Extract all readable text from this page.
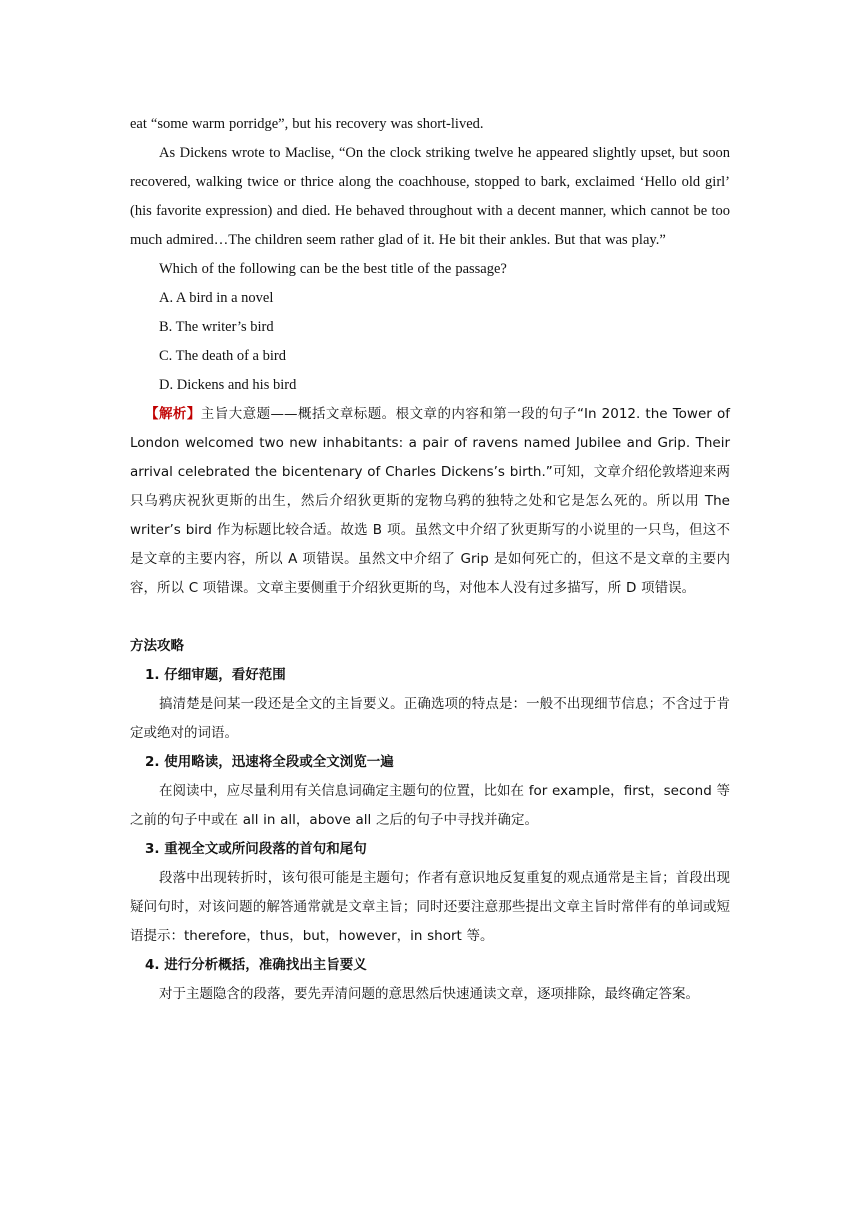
eat “some warm porridge”, but his recovery was short-lived.

As Dickens wrote to Maclise, “On the clock striking twelve he appeared slightly upset, but soon recovered, walking twice or thrice along the coachhouse, stopped to bark, exclaimed ‘Hello old girl’ (his favorite expression) and died. He behaved throughout with a decent manner, which cannot be too much admired…The children seem rather glad of it. He bit their ankles. But that was play.”

Which of the following can be the best title of the passage?

A. A bird in a novel

B. The writer’s bird

C. The death of a bird

D. Dickens and his bird

【解析】主旨大意题——概括文章标题。根文章的内容和第一段的句子“In 2012. the Tower of London welcomed two new inhabitants: a pair of ravens named Jubilee and Grip. Their arrival celebrated the bicentenary of Charles Dickens’s birth.”可知，文章介绍伦敦塔迎来两只乌鸦庆祝狄更斯的出生，然后介绍狄更斯的宠物乌鸦的独特之处和它是怎么死的。所以用 The writer’s bird 作为标题比较合适。故选 B 项。虽然文中介绍了狄更斯写的小说里的一只鸟，但这不是文章的主要内容，所以 A 项错误。虽然文中介绍了 Grip 是如何死亡的，但这不是文章的主要内容，所以 C 项错课。文章主要侧重于介绍狄更斯的鸟，对他本人没有过多描写，所 D 项错误。

方法攻略

1. 仔细审题，看好范围

搞清楚是问某一段还是全文的主旨要义。正确选项的特点是：一般不出现细节信息；不含过于肯定或绝对的词语。

2. 使用略读，迅速将全段或全文浏览一遍

在阅读中，应尽量利用有关信息词确定主题句的位置，比如在 for example，first，second 等之前的句子中或在 all in all，above all 之后的句子中寻找并确定。

3. 重视全文或所问段落的首句和尾句

段落中出现转折时，该句很可能是主题句；作者有意识地反复重复的观点通常是主旨；首段出现疑问句时，对该问题的解答通常就是文章主旨；同时还要注意那些提出文章主旨时常伴有的单词或短语提示：therefore，thus，but，however，in short 等。

4. 进行分析概括，准确找出主旨要义

对于主题隐含的段落，要先弄清问题的意思然后快速通读文章，逐项排除，最终确定答案。
